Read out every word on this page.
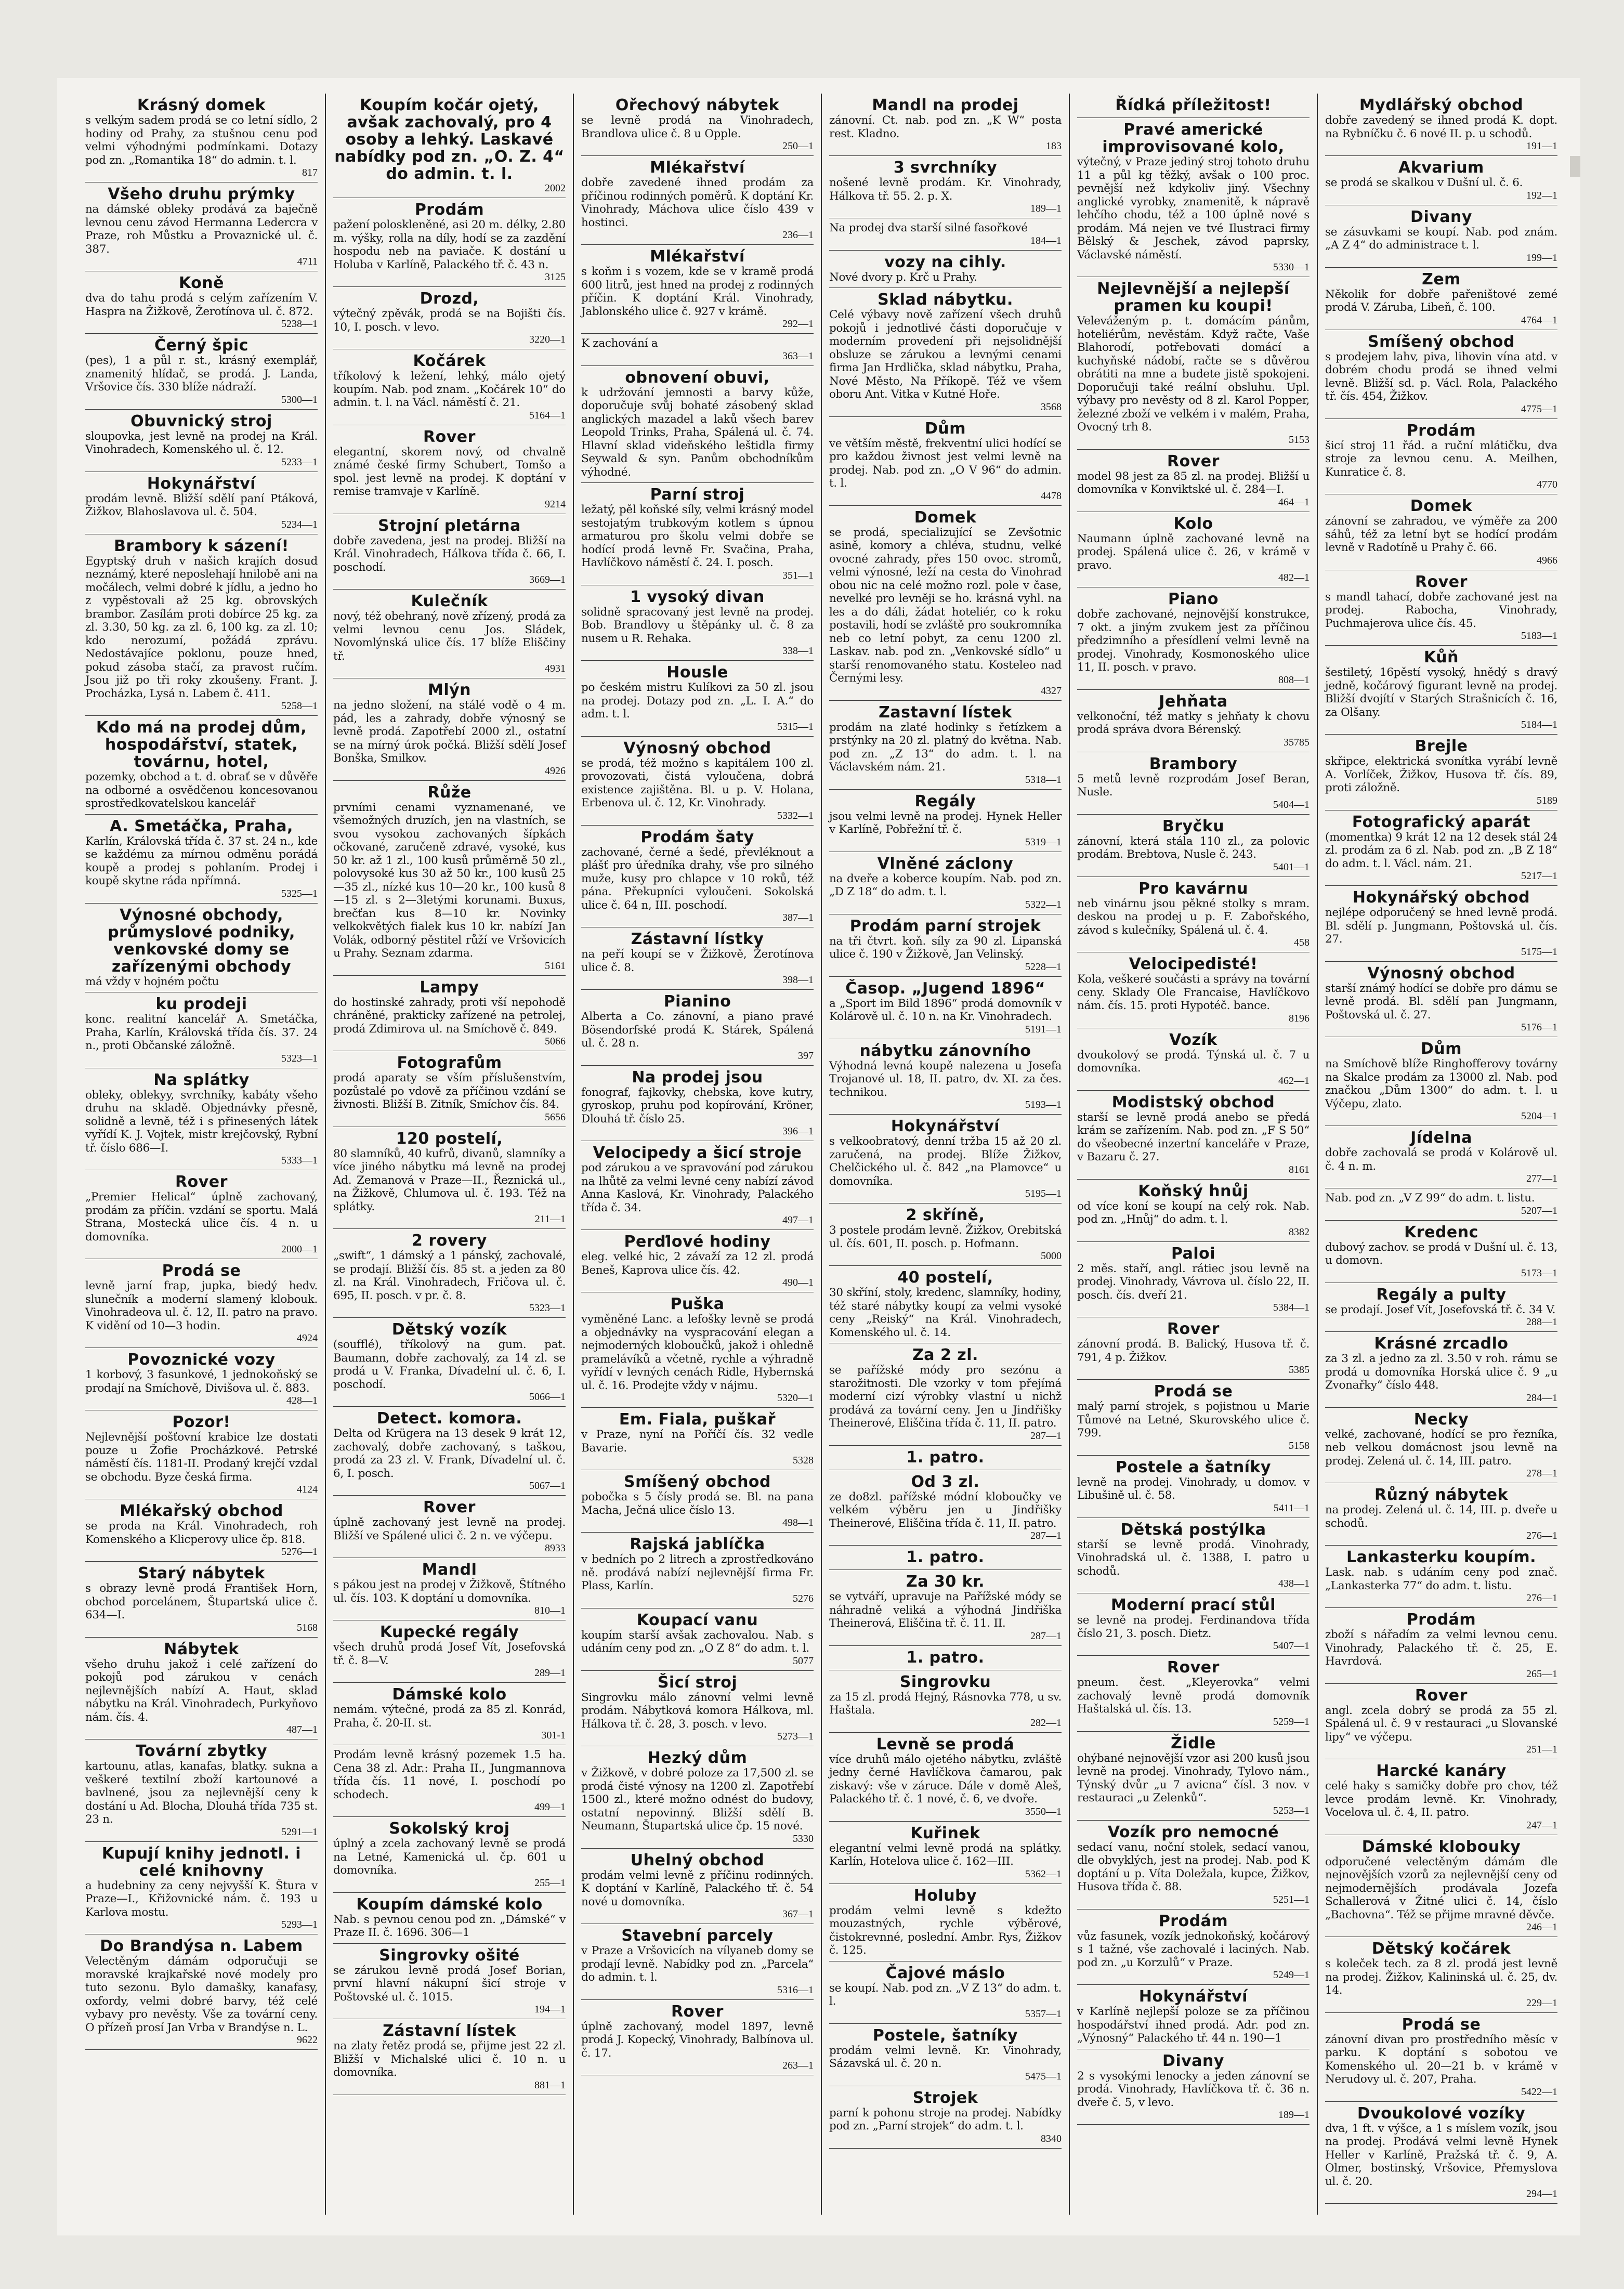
Krásný domek
s velkým sadem prodá se co letní sídlo, 2 hodiny od Prahy, za stušnou cenu pod velmi výhodnými podmínkami. Dotazy pod zn. „Romantika 18“ do admin. t. l.
817
Všeho druhu prýmky
na dámské obleky prodává za baječně levnou cenu závod Hermanna Ledercra v Praze, roh Můstku a Provaznické ul. č. 387.
4711
Koně
dva do tahu prodá s celým zařízením V. Haspra na Žižkově, Žerotínova ul. č. 872.
5238—1
Černý špic
(pes), 1 a půl r. st., krásný exemplář, znamenitý hlídač, se prodá. J. Landa, Vršovice čís. 330 blíže nádraží.
5300—1
Obuvnický stroj
sloupovka, jest levně na prodej na Král. Vinohradech, Komenského ul. č. 12.
5233—1
Hokynářství
prodám levně. Bližší sdělí paní Ptáková, Žižkov, Blahoslavova ul. č. 504.
5234—1
Brambory k sázení!
Egyptský druh v našich krajích dosud neznámý, které neposlehají hnilobě ani na močálech, velmi dobré k jídlu, a jedno ho z vypěstovali až 25 kg. obrovských brambor. Zasílám proti dobírce 25 kg. za zl. 3.30, 50 kg. za zl. 6, 100 kg. za zl. 10; kdo nerozumí, požádá zprávu. Nedostávajíce poklonu, pouze hned, pokud zásoba stačí, za pravost ručím. Jsou již po tři roky zkoušeny. Frant. J. Procházka, Lysá n. Labem č. 411.
5258—1
Kdo má na prodej dům, hospodářství, statek, továrnu, hotel,
pozemky, obchod a t. d. obrať se v důvěře na odborné a osvědčenou koncesovanou sprostředkovatelskou kancelář
A. Smetáčka, Praha,
Karlín, Královská třída č. 37 st. 24 n., kde se každému za mírnou odměnu porádá koupě a prodej s pohlaním. Prodej i koupě skytne ráda npřímná.
5325—1
Výnosné obchody, průmyslové podniky, venkovské domy se zařízenými obchody
má vždy v hojném počtu
ku prodeji
konc. realitní kancelář A. Smetáčka, Praha, Karlín, Královská třída čís. 37. 24 n., proti Občanské záložně.
5323—1
Na splátky
obleky, oblekyy, svrchníky, kabáty všeho druhu na skladě. Objednávky přesně, solidně a levně, též i s přinesených látek vyřídí K. J. Vojtek, mistr krejčovský, Rybní tř. číslo 686—I.
5333—1
Rover
„Premier Helical“ úplně zachovaný, prodám za příčin. vzdání se sportu. Malá Strana, Mostecká ulice čís. 4 n. u domovníka.
2000—1
Prodá se
levně jarní frap, jupka, biedý hedv. slunečník a moderní slamený klobouk. Vinohradeova ul. č. 12, II. patro na pravo. K vidění od 10—3 hodin.
4924
Povoznické vozy
1 korbový, 3 fasunkové, 1 jednokoňský se prodají na Smíchově, Divišova ul. č. 883.
428—1
Pozor!
Nejlevnější pošťovní krabice lze dostati pouze u Žofie Procházkové. Petrské náměstí čís. 1181-II. Prodaný krejčí vzdal se obchodu. Byze česká firma.
4124
Mlékařský obchod
se proda na Král. Vinohradech, roh Komenského a Klicperovy ulice čp. 818.
5276—1
Starý nábytek
s obrazy levně prodá František Horn, obchod porcelánem, Štupartská ulice č. 634—I.
5168
Nábytek
všeho druhu jakož i celé zařízení do pokojů pod zárukou v cenách nejlevnějších nabízí A. Haut, sklad nábytku na Král. Vinohradech, Purkyňovo nám. čís. 4.
487—1
Tovární zbytky
kartounu, atlas, kanafas, blatky. sukna a veškeré textilní zboží kartounové a bavlnené, jsou za nejlevnější ceny k dostání u Ad. Blocha, Dlouhá třída 735 st. 23 n.
5291—1
Kupují knihy jednotl. i celé knihovny
a hudebniny za ceny nejvyšší K. Štura v Praze—I., Křižovnické nám. č. 193 u Karlova mostu.
5293—1
Do Brandýsa n. Labem
Velectěným dámám odporučuji se moravské krajkařské nové modely pro tuto sezonu. Bylo damašky, kanafasy, oxfordy, velmi dobré barvy, též celé vybavy pro nevěsty. Vše za tovární ceny. O přízeň prosí Jan Vrba v Brandýse n. L.
9622
Koupím kočár ojetý, avšak zachovalý, pro 4 osoby a lehký. Laskavé nabídky pod zn. „O. Z. 4“ do admin. t. l.
2002
Prodám
pažení poloskleněné, asi 20 m. délky, 2.80 m. výšky, rolla na díly, hodí se za zazdění hospodu neb na paviače. K dostání u Holuba v Karlíně, Palackého tř. č. 43 n.
3125
Drozd,
výtečný zpěvák, prodá se na Bojišti čís. 10, I. posch. v levo.
3220—1
Kočárek
tříkolový k ležení, lehký, málo ojetý koupím. Nab. pod znam. „Kočárek 10“ do admin. t. l. na Václ. náměstí č. 21.
5164—1
Rover
elegantní, skorem nový, od chvalně známé české firmy Schubert, Tomšo a spol. jest levně na prodej. K doptání v remise tramvaje v Karlíně.
9214
Strojní pletárna
dobře zavedena, jest na prodej. Bližší na Král. Vinohradech, Hálkova třída č. 66, I. poschodí.
3669—1
Kulečník
nový, též obehraný, nově zřízený, prodá za velmi levnou cenu Jos. Sládek, Novomlýnská ulice čís. 17 blíže Eliščiny tř.
4931
Mlýn
na jedno složení, na stálé vodě o 4 m. pád, les a zahrady, dobře výnosný se levně prodá. Zapotřebí 2000 zl., ostatní se na mírný úrok počká. Bližší sdělí Josef Bonška, Smilkov.
4926
Růže
prvními cenami vyznamenané, ve všemožných druzích, jen na vlastních, se svou vysokou zachovaných šípkách očkované, zaručeně zdravé, vysoké, kus 50 kr. až 1 zl., 100 kusů průměrně 50 zl., polovysoké kus 30 až 50 kr., 100 kusů 25—35 zl., nízké kus 10—20 kr., 100 kusů 8—15 zl. s 2—3letými korunami. Buxus, brečťan kus 8—10 kr. Novinky velkokvětých fialek kus 10 kr. nabízí Jan Volák, odborný pěstitel růží ve Vršovicích u Prahy. Seznam zdarma.
5161
Lampy
do hostinské zahrady, proti vší nepohodě chráněné, prakticky zařízené na petrolej, prodá Zdimirova ul. na Smíchově č. 849.
5066
Fotografům
prodá aparaty se vším příslušenstvím, pozůstalé po vdově za příčinou vzdání se živnosti. Bližší B. Zitník, Smíchov čís. 84.
5656
120 postelí,
80 slamníků, 40 kufrů, divanů, slamníky a více jiného nábytku má levně na prodej Ad. Zemanová v Praze—II., Řeznická ul., na Žižkově, Chlumova ul. č. 193. Též na splátky.
211—1
2 rovery
„swift“, 1 dámský a 1 pánský, zachovalé, se prodají. Bližší čís. 85 st. a jeden za 80 zl. na Král. Vinohradech, Fričova ul. č. 695, II. posch. v pr. č. 8.
5323—1
Dětský vozík
(soufflé), tříkolový na gum. pat. Baumann, dobře zachovalý, za 14 zl. se prodá u V. Franka, Dívadelní ul. č. 6, I. poschodí.
5066—1
Detect. komora.
Delta od Krügera na 13 desek 9 krát 12, zachovalý, dobře zachovaný, s taškou, prodá za 23 zl. V. Frank, Dívadelní ul. č. 6, I. posch.
5067—1
Rover
úplně zachovaný jest levně na prodej. Bližší ve Spálené ulici č. 2 n. ve výčepu.
8933
Mandl
s pákou jest na prodej v Žižkově, Štítného ul. čís. 103. K doptání u domovníka.
810—1
Kupecké regály
všech druhů prodá Josef Vít, Josefovská tř. č. 8—V.
289—1
Dámské kolo
nemám. výtečné, prodá za 85 zl. Konrád, Praha, č. 20-II. st.
301-1
Prodám levně krásný pozemek 1.5 ha. Cena 38 zl. Adr.: Praha II., Jungmannova třída čís. 11 nové, I. poschodí po schodech.
499—1
Sokolský kroj
úplný a zcela zachovaný levně se prodá na Letné, Kamenická ul. čp. 601 u domovníka.
255—1
Koupím dámské kolo
Nab. s pevnou cenou pod zn. „Dámské“ v Praze II. č. 1696. 306—1
Singrovky ošité
se zárukou levně prodá Josef Borian, první hlavní nákupní šicí stroje v Poštovské ul. č. 1015.
194—1
Zástavní lístek
na zlaty řetěz prodá se, přijme jest 22 zl. Bližší v Michalské ulici č. 10 n. u domovníka.
881—1
Ořechový nábytek
se levně prodá na Vinohradech, Brandlova ulice č. 8 u Opple.
250—1
Mlékařství
dobře zavedené ihned prodám za příčinou rodinných poměrů. K doptání Kr. Vinohrady, Máchova ulice číslo 439 v hostinci.
236—1
Mlékařství
s koňm i s vozem, kde se v kramě prodá 600 litrů, jest hned na prodej z rodinných příčin. K doptání Král. Vinohrady, Jablonského ulice č. 927 v krámě.
292—1
K zachování a
363—1
obnovení obuvi,
k udržování jemnosti a barvy kůže, doporučuje svůj bohaté zásobený sklad anglických mazadel a laků všech barev Leopold Trinks, Praha, Spálená ul. č. 74. Hlavní sklad videňského leštidla firmy Seywald & syn. Panům obchodníkům výhodné.
Parní stroj
ležatý, pěl koňské síly, velmi krásný model sestojatým trubkovým kotlem s úpnou armaturou pro školu velmi dobře se hodící prodá levně Fr. Svačina, Praha, Havlíčkovo náměstí č. 24. I. posch.
351—1
1 vysoký divan
solidně spracovaný jest levně na prodej. Bob. Brandlovy u štěpánky ul. č. 8 za nusem u R. Rehaka.
338—1
Housle
po českém mistru Kulíkovi za 50 zl. jsou na prodej. Dotazy pod zn. „L. I. A.“ do adm. t. l.
5315—1
Výnosný obchod
se prodá, též možno s kapitálem 100 zl. provozovati, čistá vyloučena, dobrá existence zajištěna. Bl. u p. V. Holana, Erbenova ul. č. 12, Kr. Vinohrady.
5332—1
Prodám šaty
zachované, černé a šedé, převléknout a plášť pro úředníka drahy, vše pro silného muže, kusy pro chlapce v 10 roků, též pána. Překupníci vyloučeni. Sokolská ulice č. 64 n, III. poschodí.
387—1
Zástavní lístky
na peří koupí se v Žižkově, Žerotínova ulice č. 8.
398—1
Pianino
Alberta a Co. zánovní, a piano pravé Bösendorfské prodá K. Stárek, Spálená ul. č. 28 n.
397
Na prodej jsou
fonograf, fajkovky, chebska, kove kutry, gyroskop, pruhu pod kopírování, Kröner, Dlouhá tř. číslo 25.
396—1
Velocipedy a šicí stroje
pod zárukou a ve spravování pod zárukou na lhůtě za velmi levné ceny nabízí závod Anna Kaslová, Kr. Vinohrady, Palackého třída č. 34.
497—1
Perďlové hodiny
eleg. velké hic, 2 závaží za 12 zl. prodá Beneš, Kaprova ulice čís. 42.
490—1
Puška
vyměněné Lanc. a lefošky levně se prodá a objednávky na vyspracování elegan a nejmoderných kloboučků, jakož i ohledně pramelávíků a včetně, rychle a výhradně vyřídí v levných cenách Ridle, Hybernská ul. č. 16. Prodejte vždy v nájmu.
5320—1
Em. Fiala, puškař
v Praze, nyní na Poříčí čís. 32 vedle Bavarie.
5328
Smíšený obchod
pobočka s 5 čísly prodá se. Bl. na pana Macha, Ječná ulice číslo 13.
498—1
Rajská jablíčka
v bedních po 2 litrech a zprostředkováno ně. prodává nabízí nejlevnější firma Fr. Plass, Karlín.
5276
Koupací vanu
koupím starší avšak zachovalou. Nab. s udáním ceny pod zn. „O Z 8“ do adm. t. l.
5077
Šicí stroj
Singrovku málo zánovní velmi levně prodám. Nábytková komora Hálkova, ml. Hálkova tř. č. 28, 3. posch. v levo.
5273—1
Hezký dům
v Žižkově, v dobré poloze za 17,500 zl. se prodá čisté výnosy na 1200 zl. Zapotřebí 1500 zl., které možno odnést do budovy, ostatní nepovinný. Bližší sdělí B. Neumann, Štupartská ulice čp. 15 nové.
5330
Uhelný obchod
prodám velmi levně z příčinu rodinných. K doptání v Karlíně, Palackého tř. č. 54 nové u domovníka.
367—1
Stavební parcely
v Praze a Vršovicích na vílyaneb domy se prodají levně. Nabídky pod zn. „Parcela“ do admin. t. l.
5316—1
Rover
úplně zachovaný, model 1897, levně prodá J. Kopecký, Vinohrady, Balbínova ul. č. 17.
263—1
Mandl na prodej
zánovní. Ct. nab. pod zn. „K W“ posta rest. Kladno.
183
3 svrchníky
nošené levně prodám. Kr. Vinohrady, Hálkova tř. 55. 2. p. X.
189—1
Na prodej dva starší silné fasořkové
184—1
vozy na cihly.
Nové dvory p. Krč u Prahy.
Sklad nábytku.
Celé výbavy nově zařízení všech druhů pokojů i jednotlivé části doporučuje v moderním provedení při nejsolidnější obsluze se zárukou a levnými cenami firma Jan Hrdlička, sklad nábytku, Praha, Nové Město, Na Příkopě. Též ve všem oboru Ant. Vitka v Kutné Hoře.
3568
Dům
ve větším městě, frekventní ulici hodící se pro každou živnost jest velmi levně na prodej. Nab. pod zn. „O V 96“ do admin. t. l.
4478
Domek
se prodá, specializující se Zevšotnic asině, komory a chléva, studnu, velké ovocné zahrady, přes 150 ovoc. stromů, velmi výnosné, leží na cesta do Vinohrad obou nic na celé možno rozl. pole v čase, nevelké pro levněji se ho. krásná vyhl. na les a do dáli, žádat hoteliér, co k roku postavili, hodí se zvláště pro soukromníka neb co letní pobyt, za cenu 1200 zl. Laskav. nab. pod zn. „Venkovské sídlo“ u starší renomovaného statu. Kosteleo nad Černými lesy.
4327
Zastavní lístek
prodám na zlaté hodinky s řetízkem a prstýnky na 20 zl. platný do května. Nab. pod zn. „Z 13“ do adm. t. l. na Václavském nám. 21.
5318—1
Regály
jsou velmi levně na prodej. Hynek Heller v Karlíně, Pobřežní tř. č.
5319—1
Vlněné záclony
na dveře a koberce koupím. Nab. pod zn. „D Z 18“ do adm. t. l.
5322—1
Prodám parní strojek
na tři čtvrt. koň. síly za 90 zl. Lipanská ulice č. 190 v Žižkově, Jan Velinský.
5228—1
Časop. „Jugend 1896“
a „Sport im Bild 1896“ prodá domovník v Kolárově ul. č. 10 n. na Kr. Vinohradech.
5191—1
nábytku zánovního
Výhodná levná koupě nalezena u Josefa Trojanové ul. 18, II. patro, dv. XI. za čes. technikou.
5193—1
Hokynářství
s velkoobratový, denní tržba 15 až 20 zl. zaručená, na prodej. Blíže Žižkov, Chelčického ul. č. 842 „na Plamovce“ u domovníka.
5195—1
2 skříně,
3 postele prodám levně. Žižkov, Orebitská ul. čís. 601, II. posch. p. Hofmann.
5000
40 postelí,
30 skříní, stoly, kredenc, slamníky, hodiny, též staré nábytky koupí za velmi vysoké ceny „Reiský“ na Král. Vinohradech, Komenského ul. č. 14.
Za 2 zl.
se pařížské módy pro sezónu a starožitnosti. Dle vzorky v tom přejímá moderní cizí výrobky vlastní u nichž prodává za tovární ceny. Jen u Jindřišky Theinerové, Eliščina třída č. 11, II. patro.
287—1
1. patro.
Od 3 zl.
ze do8zl. pařížské módní kloboučky ve velkém výběru jen u Jindřišky Theinerové, Eliščina třída č. 11, II. patro.
287—1
1. patro.
Za 30 kr.
se vytváří, upravuje na Pařížské módy se náhradně veliká a výhodná Jindřiška Theinerová, Eliščina tř. č. 11. II.
287—1
1. patro.
Singrovku
za 15 zl. prodá Hejný, Rásnovka 778, u sv. Haštala.
282—1
Levně se prodá
více druhů málo ojetého nábytku, zvláště jedny černé Havlíčkova čamarou, pak ziskavý: vše v záruce. Dále v domě Aleš, Palackého tř. č. 1 nové, č. 6, ve dvoře.
3550—1
Kuřinek
elegantní velmi levně prodá na splátky. Karlín, Hotelova ulice č. 162—III.
5362—1
Holuby
prodám velmi levně s kdežto mouzastných, rychle výběrové, čistokrevnné, poslední. Ambr. Rys, Žižkov č. 125.
Čajové máslo
se koupí. Nab. pod zn. „V Z 13“ do adm. t. l.
5357—1
Postele, šatníky
prodám velmi levně. Kr. Vinohrady, Sázavská ul. č. 20 n.
5475—1
Strojek
parní k pohonu stroje na prodej. Nabídky pod zn. „Parní strojek“ do adm. t. l.
8340
Řídká příležitost!
Pravé americké improvisované kolo,
výtečný, v Praze jediný stroj tohoto druhu 11 a půl kg těžký, avšak o 100 proc. pevnější než kdykoliv jiný. Všechny anglické vyrobky, znamenitě, k nápravě lehčího chodu, též a 100 úplně nové s prodám. Má nejen ve tvé Ilustraci firmy Bělský & Jeschek, závod paprsky, Václavské náměstí.
5330—1
Nejlevnější a nejlepší pramen ku koupi!
Veleváženým p. t. domácím pánům, hoteliérům, nevěstám. Když račte, Vaše Blahorodí, potřebovati domácí a kuchyňské nádobí, račte se s důvěrou obrátiti na mne a budete jistě spokojeni. Doporučuji také reální obsluhu. Upl. výbavy pro nevěsty od 8 zl. Karol Popper, železné zboží ve velkém i v malém, Praha, Ovocný trh 8.
5153
Rover
model 98 jest za 85 zl. na prodej. Bližší u domovníka v Konviktské ul. č. 284—I.
464—1
Kolo
Naumann úplně zachované levně na prodej. Spálená ulice č. 26, v krámě v pravo.
482—1
Piano
dobře zachované, nejnovější konstrukce, 7 okt. a jiným zvukem jest za příčinou předzimního a přesídlení velmi levně na prodej. Vinohrady, Kosmonoského ulice 11, II. posch. v pravo.
808—1
Jehňata
velkonoční, též matky s jehňaty k chovu prodá správa dvora Bérenský.
35785
Brambory
5 metů levně rozprodám Josef Beran, Nusle.
5404—1
Bryčku
zánovní, která stála 110 zl., za polovic prodám. Brebtova, Nusle č. 243.
5401—1
Pro kavárnu
neb vinárnu jsou pěkné stolky s mram. deskou na prodej u p. F. Zabořského, závod s kulečníky, Spálená ul. č. 4.
458
Velocipedisté!
Kola, veškeré součásti a správy na tovární ceny. Sklady Ole Francaise, Havlíčkovo nám. čís. 15. proti Hypotéč. bance.
8196
Vozík
dvoukolový se prodá. Týnská ul. č. 7 u domovníka.
462—1
Modistský obchod
starší se levně prodá anebo se předá krám se zařízením. Nab. pod zn. „F S 50“ do všeobecné inzertní kanceláře v Praze, v Bazaru č. 27.
8161
Koňský hnůj
od více koní se koupí na celý rok. Nab. pod zn. „Hnůj“ do adm. t. l.
8382
Paloi
2 měs. staří, angl. rátiec jsou levně na prodej. Vinohrady, Vávrova ul. číslo 22, II. posch. čís. dveří 21.
5384—1
Rover
zánovní prodá. B. Balický, Husova tř. č. 791, 4 p. Žižkov.
5385
Prodá se
malý parní strojek, s pojistnou u Marie Tůmové na Letné, Skurovského ulice č. 799.
5158
Postele a šatníky
levně na prodej. Vinohrady, u domov. v Libušině ul. č. 58.
5411—1
Dětská postýlka
starší se levně prodá. Vinohrady, Vinohradská ul. č. 1388, I. patro u schodů.
438—1
Moderní prací stůl
se levně na prodej. Ferdinandova třída číslo 21, 3. posch. Dietz.
5407—1
Rover
pneum. čest. „Kleyerovka“ velmi zachovalý levně prodá domovník Haštalská ul. čís. 13.
5259—1
Židle
ohýbané nejnovější vzor asi 200 kusů jsou levně na prodej. Vinohrady, Tylovo nám., Týnský dvůr „u 7 avicna“ čísl. 3 nov. v restauraci „u Zelenků“.
5253—1
Vozík pro nemocné
sedací vanu, noční stolek, sedací vanou, dle obvyklých, jest na prodej. Nab. pod K doptání u p. Víta Doležala, kupce, Žižkov, Husova třída č. 88.
5251—1
Prodám
vůz fasunek, vozík jednokoňský, kočárový s 1 tažné, vše zachovalé i laciných. Nab. pod zn. „u Korzulů“ v Praze.
5249—1
Hokynářství
v Karlíně nejlepší poloze se za příčinou hospodářství ihned prodá. Adr. pod zn. „Výnosný“ Palackého tř. 44 n. 190—1
Divany
2 s vysokými lenocky a jeden zánovní se prodá. Vinohrady, Havlíčkova tř. č. 36 n. dveře č. 5, v levo.
189—1
Mydlářský obchod
dobře zavedený se ihned prodá K. dopt. na Rybníčku č. 6 nové II. p. u schodů.
191—1
Akvarium
se prodá se skalkou v Dušní ul. č. 6.
192—1
Divany
se zásuvkami se koupí. Nab. pod znám. „A Z 4“ do administrace t. l.
199—1
Zem
Několik for dobře pařeništové zemé prodá V. Záruba, Libeň, č. 100.
4764—1
Smíšený obchod
s prodejem lahv, piva, lihovin vína atd. v dobrém chodu prodá se ihned velmi levně. Bližší sd. p. Václ. Rola, Palackého tř. čís. 454, Žižkov.
4775—1
Prodám
šicí stroj 11 řád. a ruční mlátičku, dva stroje za levnou cenu. A. Meilhen, Kunratice č. 8.
4770
Domek
zánovní se zahradou, ve výměře za 200 sáhů, též za letní byt se hodící prodám levně v Radotíně u Prahy č. 66.
4966
Rover
s mandl tahací, dobře zachované jest na prodej. Rabocha, Vinohrady, Puchmajerova ulice čís. 45.
5183—1
Kůň
šestiletý, 16pěstí vysoký, hnědý s dravý jedně, kočárový figurant levně na prodej. Bližší dvojítí v Starých Strašnicích č. 16, za Olšany.
5184—1
Brejle
skřipce, elektrická svonítka vyrábí levně A. Vorlíček, Žižkov, Husova tř. čís. 89, proti záložně.
5189
Fotografický aparát
(momentka) 9 krát 12 na 12 desek stál 24 zl. prodám za 6 zl. Nab. pod zn. „B Z 18“ do adm. t. l. Václ. nám. 21.
5217—1
Hokynářský obchod
nejlépe odporučený se hned levně prodá. Bl. sdělí p. Jungmann, Poštovská ul. čís. 27.
5175—1
Výnosný obchod
starší známý hodící se dobře pro dámu se levně prodá. Bl. sdělí pan Jungmann, Poštovská ul. č. 27.
5176—1
Dům
na Smíchově blíže Ringhofferovy továrny na Skalce prodám za 13000 zl. Nab. pod značkou „Dům 1300“ do adm. t. l. u Výčepu, zlato.
5204—1
Jídelna
dobře zachovalá se prodá v Kolárově ul. č. 4 n. m.
277—1
Nab. pod zn. „V Z 99“ do adm. t. listu.
5207—1
Kredenc
dubový zachov. se prodá v Dušní ul. č. 13, u domovn.
5173—1
Regály a pulty
se prodají. Josef Vít, Josefovská tř. č. 34 V.
288—1
Krásné zrcadlo
za 3 zl. a jedno za zl. 3.50 v roh. rámu se prodá u domovníka Horská ulice č. 9 „u Zvonařky“ číslo 448.
284—1
Necky
velké, zachované, hodící se pro řezníka, neb velkou domácnost jsou levně na prodej. Zelená ul. č. 14, III. patro.
278—1
Různý nábytek
na prodej. Zelená ul. č. 14, III. p. dveře u schodů.
276—1
Lankasterku koupím.
Lask. nab. s udáním ceny pod znač. „Lankasterka 77“ do adm. t. listu.
276—1
Prodám
zboží s nářadím za velmi levnou cenu. Vinohrady, Palackého tř. č. 25, E. Havrdová.
265—1
Rover
angl. zcela dobrý se prodá za 55 zl. Spálená ul. č. 9 v restauraci „u Slovanské lipy“ ve výčepu.
251—1
Harcké kanáry
celé haky s samičky dobře pro chov, též levce prodám levně. Kr. Vinohrady, Vocelova ul. č. 4, II. patro.
247—1
Dámské klobouky
odporučené velectěným dámám dle nejnovějších vzorů za nejlevnější ceny od nejmodernějších prodávala Jozefa Schallerová v Žitné ulici č. 14, číslo „Bachovna“. Též se přijme mravné děvče.
246—1
Dětský kočárek
s koleček tech. za 8 zl. prodá jest levně na prodej. Žižkov, Kalininská ul. č. 25, dv. 14.
229—1
Prodá se
zánovní divan pro prostředního měsíc v parku. K doptání s sobotou ve Komenského ul. 20—21 b. v krámě v Nerudovy ul. č. 207, Praha.
5422—1
Dvoukolové vozíky
dva, 1 ft. v výšce, a 1 s míslem vozík, jsou na prodej. Prodává velmi levně Hynek Heller v Karlíně, Pražská tř. č. 9, A. Olmer, bostinský, Vršovice, Přemyslova ul. č. 20.
294—1
